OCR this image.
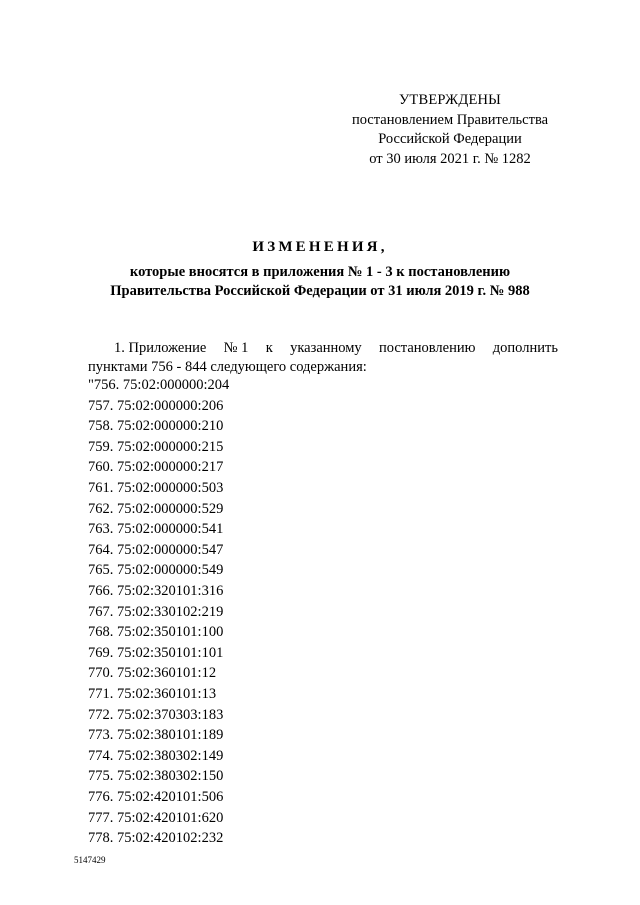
УТВЕРЖДЕНЫ
постановлением Правительства
Российской Федерации
от 30 июля 2021 г. № 1282
ИЗМЕНЕНИЯ,
которые вносятся в приложения № 1 - 3 к постановлению
Правительства Российской Федерации от 31 июля 2019 г. № 988
1. Приложение № 1 к указанному постановлению дополнить
пунктами 756 - 844 следующего содержания:
"756. 75:02:000000:204
757. 75:02:000000:206
758. 75:02:000000:210
759. 75:02:000000:215
760. 75:02:000000:217
761. 75:02:000000:503
762. 75:02:000000:529
763. 75:02:000000:541
764. 75:02:000000:547
765. 75:02:000000:549
766. 75:02:320101:316
767. 75:02:330102:219
768. 75:02:350101:100
769. 75:02:350101:101
770. 75:02:360101:12
771. 75:02:360101:13
772. 75:02:370303:183
773. 75:02:380101:189
774. 75:02:380302:149
775. 75:02:380302:150
776. 75:02:420101:506
777. 75:02:420101:620
778. 75:02:420102:232
5147429
